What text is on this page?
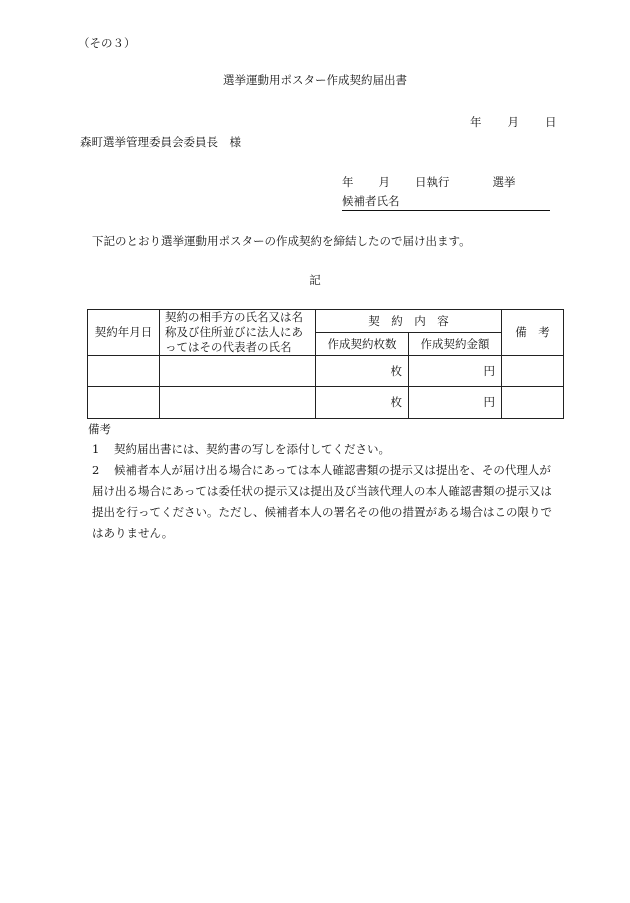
（その３）
選挙運動用ポスター作成契約届出書
年 月 日
森町選挙管理委員会委員長　様
年 月 日執行	選挙
候補者氏名
下記のとおり選挙運動用ポスターの作成契約を締結したので届け出ます。
記
契約年月日	契約の相手方の氏名又は名称及び住所並びに法人にあってはその代表者の氏名	契　約　内　容		備　考
		作成契約枚数	作成契約金額	
		枚	円	
		枚	円	
備考
1 契約届出書には、契約書の写しを添付してください。
2 候補者本人が届け出る場合にあっては本人確認書類の提示又は提出を、その代理人が届け出る場合にあっては委任状の提示又は提出及び当該代理人の本人確認書類の提示又は提出を行ってください。ただし、候補者本人の署名その他の措置がある場合はこの限りではありません。
